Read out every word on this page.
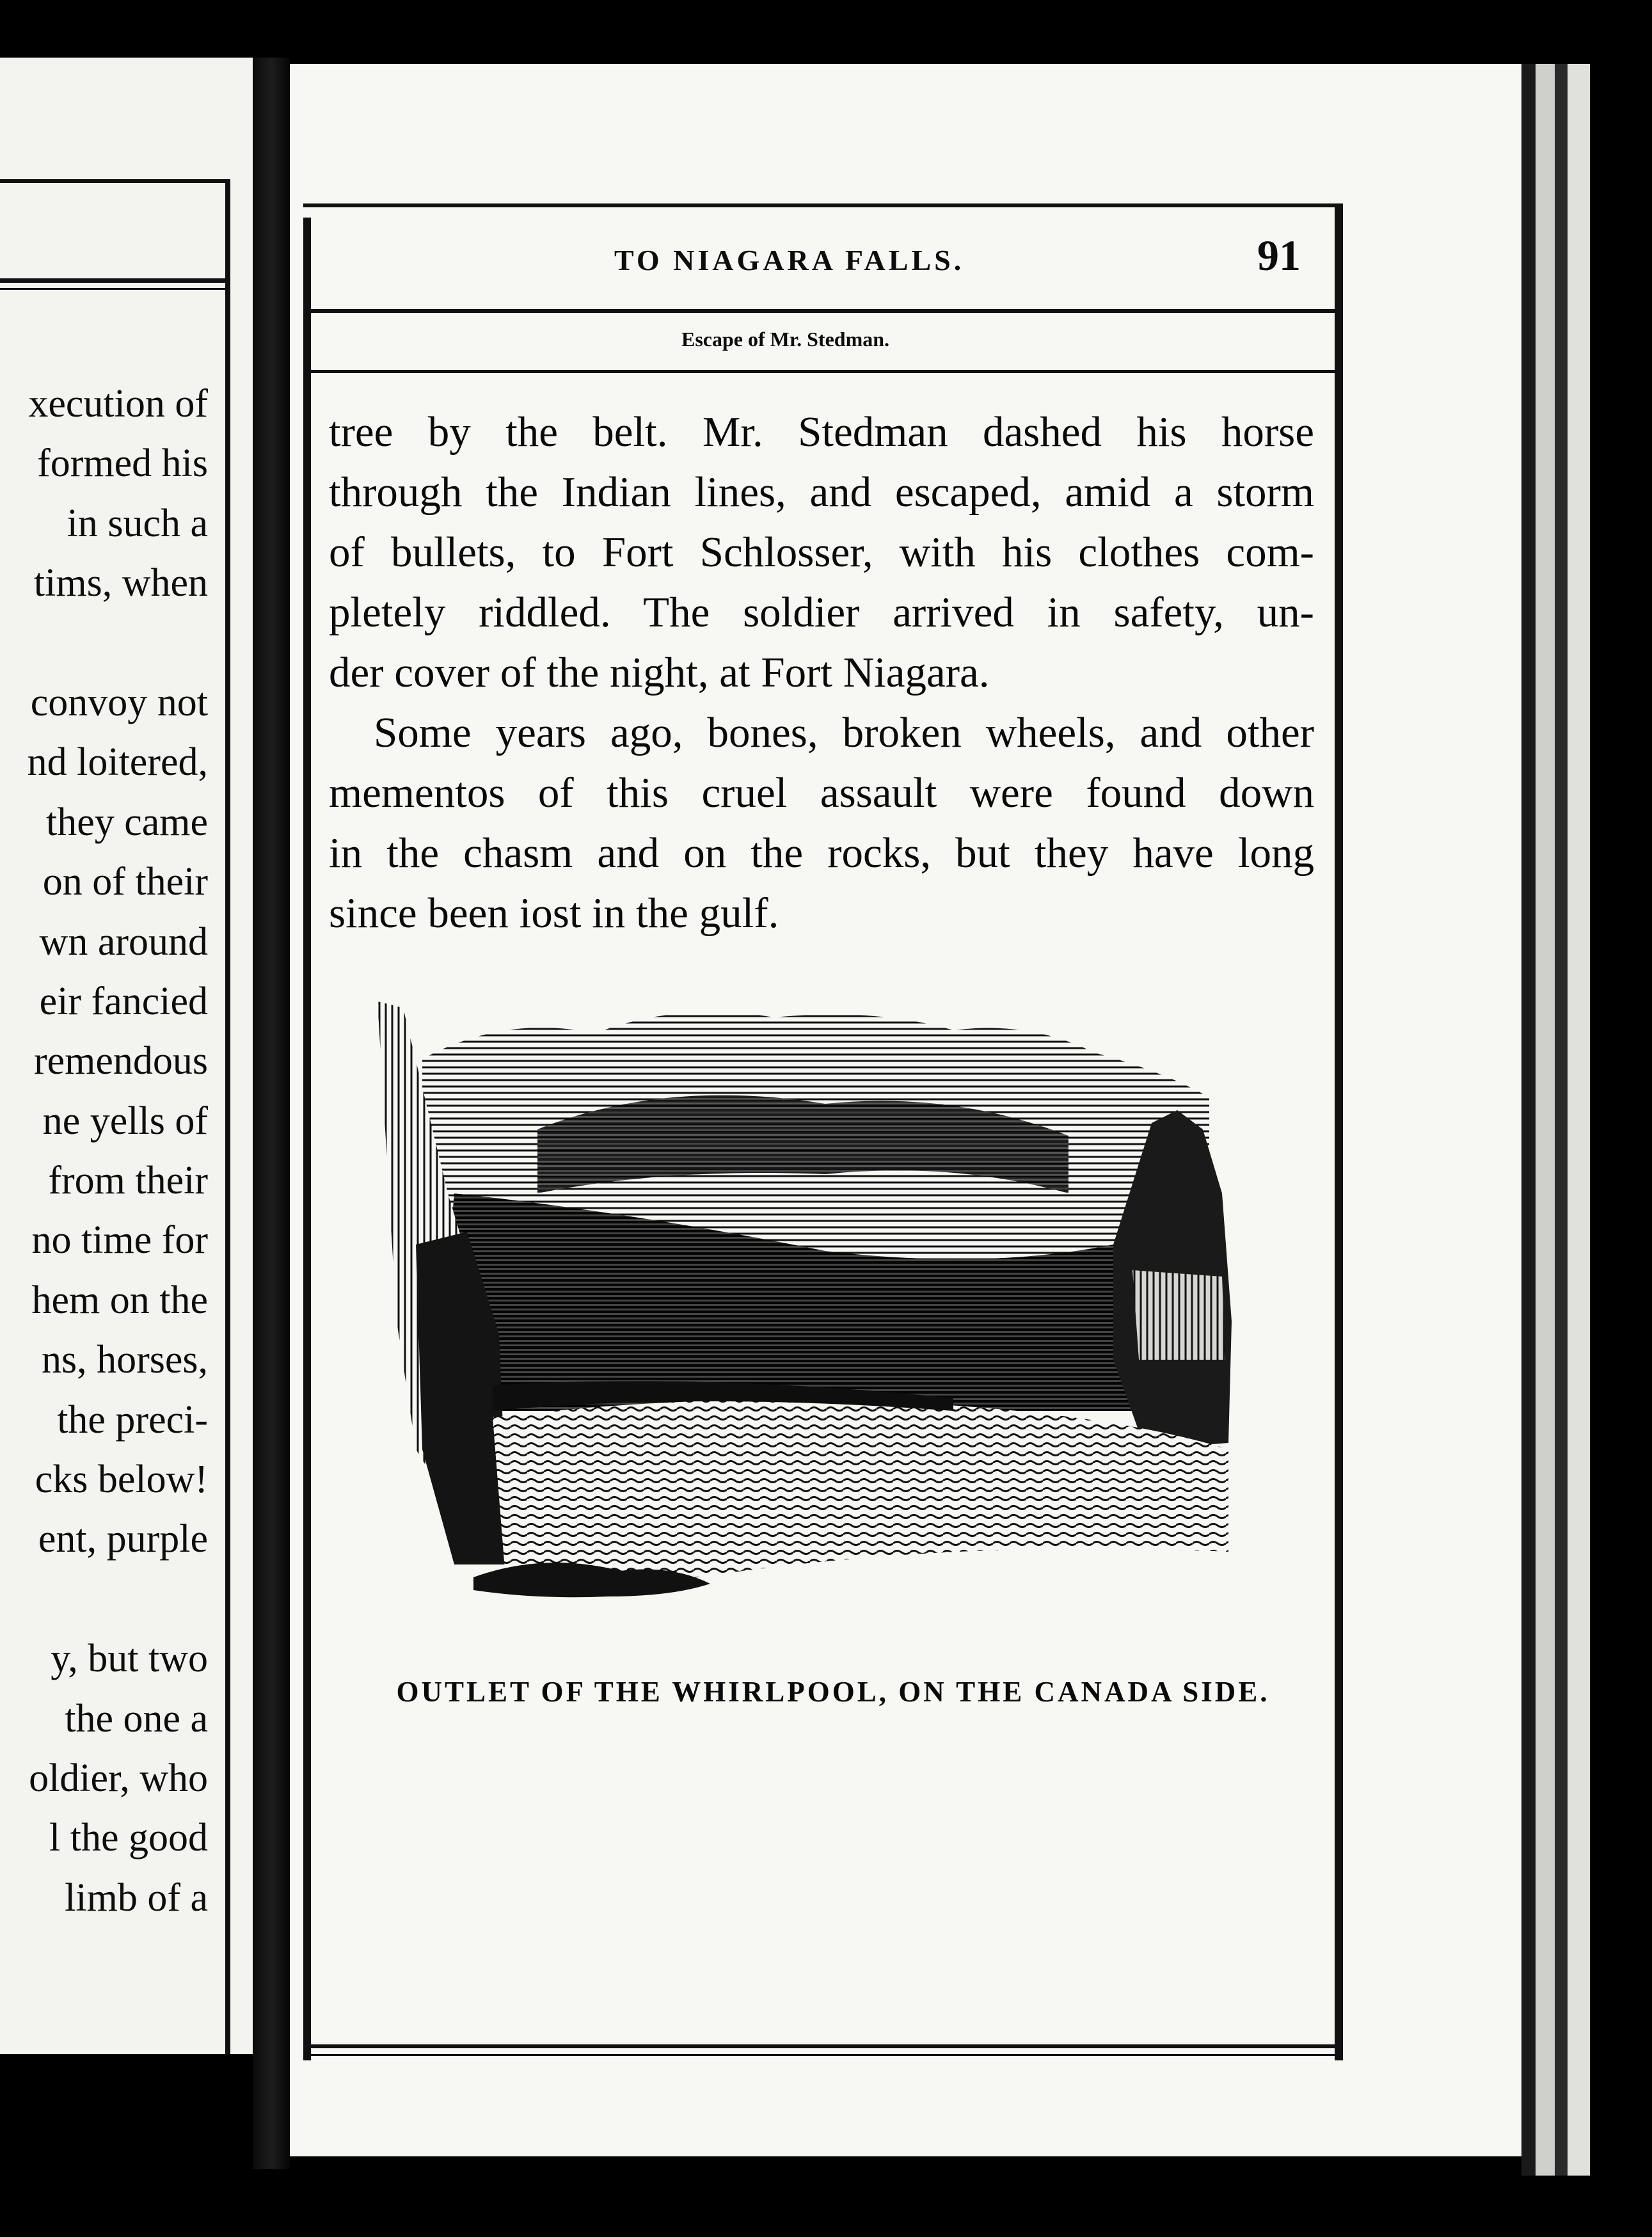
xecution of
formed his
in such a
tims, when
convoy not
nd loitered,
they came
on of their
wn around
eir fancied
remendous
ne yells of
from their
no time for
hem on the
ns, horses,
the preci-
cks below!
ent, purple
y, but two
the one a
oldier, who
l the good
limb of a
TO NIAGARA FALLS.	91
Escape of Mr. Stedman.

tree by the belt. Mr. Stedman dashed his horse

through the Indian lines, and escaped, amid a storm

of bullets, to Fort Schlosser, with his clothes com-

pletely riddled. The soldier arrived in safety, un-

der cover of the night, at Fort Niagara.

Some years ago, bones, broken wheels, and other

mementos of this cruel assault were found down

in the chasm and on the rocks, but they have long

since been iost in the gulf.

OUTLET OF THE WHIRLPOOL, ON THE CANADA SIDE.
